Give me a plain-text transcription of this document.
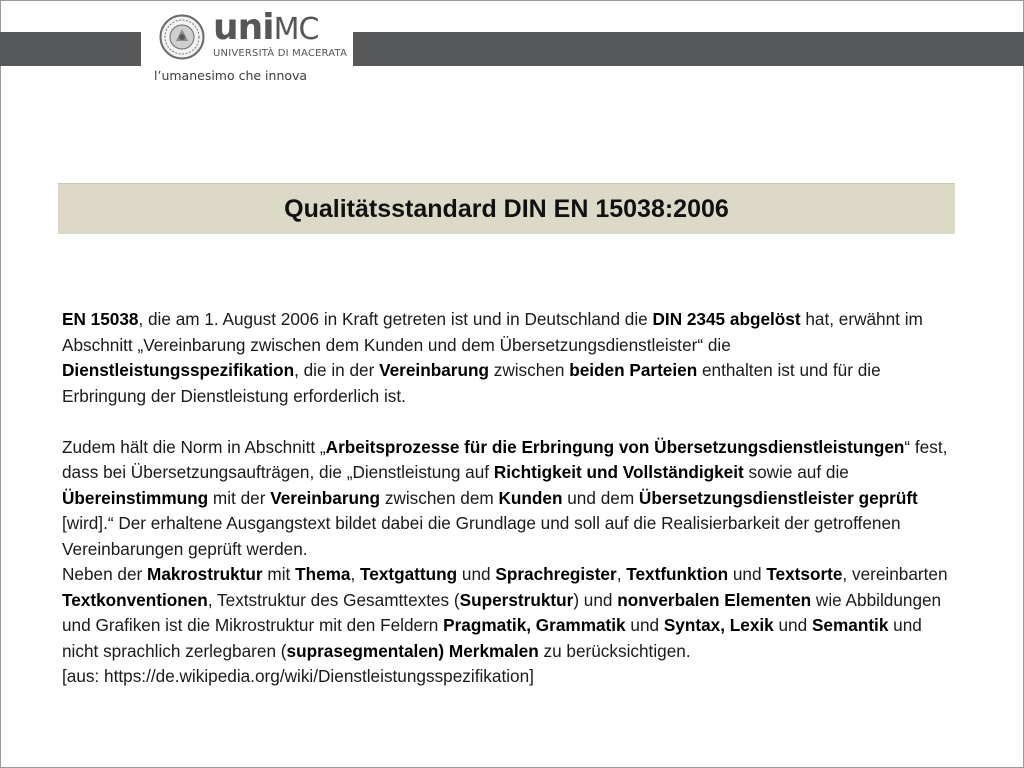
uniMC
UNIVERSITÀ DI MACERATA
l’umanesimo che innova
Qualitätsstandard DIN EN 15038:2006

EN 15038, die am 1. August 2006 in Kraft getreten ist und in Deutschland die DIN 2345 abgelöst hat, erwähnt im Abschnitt „Vereinbarung zwischen dem Kunden und dem Übersetzungsdienstleister“ die Dienstleistungsspezifikation, die in der Vereinbarung zwischen beiden Parteien enthalten ist und für die Erbringung der Dienstleistung erforderlich ist.

Zudem hält die Norm in Abschnitt „Arbeitsprozesse für die Erbringung von Übersetzungsdienstleistungen“ fest, dass bei Übersetzungsaufträgen, die „Dienstleistung auf Richtigkeit und Vollständigkeit sowie auf die Übereinstimmung mit der Vereinbarung zwischen dem Kunden und dem Übersetzungsdienstleister geprüft [wird].“ Der erhaltene Ausgangstext bildet dabei die Grundlage und soll auf die Realisierbarkeit der getroffenen Vereinbarungen geprüft werden.

Neben der Makrostruktur mit Thema, Textgattung und Sprachregister, Textfunktion und Textsorte, vereinbarten Textkonventionen, Textstruktur des Gesamttextes (Superstruktur) und nonverbalen Elementen wie Abbildungen und Grafiken ist die Mikrostruktur mit den Feldern Pragmatik, Grammatik und Syntax, Lexik und Semantik und nicht sprachlich zerlegbaren (suprasegmentalen) Merkmalen zu berücksichtigen.

[aus: https://de.wikipedia.org/wiki/Dienstleistungsspezifikation]
